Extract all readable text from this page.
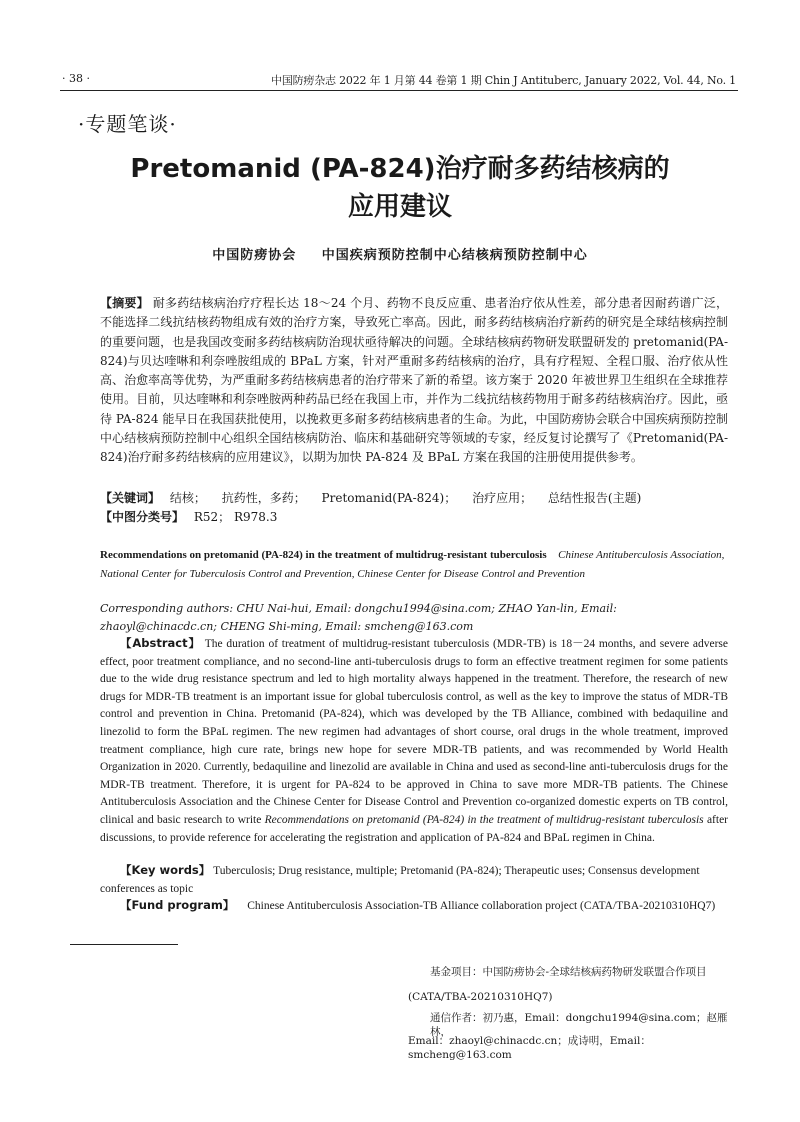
· 38 ·	中国防痨杂志 2022 年 1 月第 44 卷第 1 期 Chin J Antituberc, January 2022, Vol. 44, No. 1
·专题笔谈·
Pretomanid (PA-824)治疗耐多药结核病的
应用建议
中国防痨协会 中国疾病预防控制中心结核病预防控制中心
【摘要】 耐多药结核病治疗疗程长达 18～24 个月、药物不良反应重、患者治疗依从性差，部分患者因耐药谱广泛，不能选择二线抗结核药物组成有效的治疗方案，导致死亡率高。因此，耐多药结核病治疗新药的研究是全球结核病控制的重要问题，也是我国改变耐多药结核病防治现状亟待解决的问题。全球结核病药物研发联盟研发的 pretomanid(PA-824)与贝达喹啉和利奈唑胺组成的 BPaL 方案，针对严重耐多药结核病的治疗，具有疗程短、全程口服、治疗依从性高、治愈率高等优势，为严重耐多药结核病患者的治疗带来了新的希望。该方案于 2020 年被世界卫生组织在全球推荐使用。目前，贝达喹啉和利奈唑胺两种药品已经在我国上市，并作为二线抗结核药物用于耐多药结核病治疗。因此，亟待 PA-824 能早日在我国获批使用，以挽救更多耐多药结核病患者的生命。为此，中国防痨协会联合中国疾病预防控制中心结核病预防控制中心组织全国结核病防治、临床和基础研究等领域的专家，经反复讨论撰写了《Pretomanid(PA-824)治疗耐多药结核病的应用建议》，以期为加快 PA-824 及 BPaL 方案在我国的注册使用提供参考。
【关键词】 结核； 抗药性，多药； Pretomanid(PA-824)； 治疗应用； 总结性报告(主题)
【中图分类号】 R52； R978.3
Recommendations on pretomanid (PA-824) in the treatment of multidrug-resistant tuberculosis Chinese Antituberculosis Association, National Center for Tuberculosis Control and Prevention, Chinese Center for Disease Control and Prevention
Corresponding authors: CHU Nai-hui, Email: dongchu1994@sina.com; ZHAO Yan-lin, Email: zhaoyl@chinacdc.cn; CHENG Shi-ming, Email: smcheng@163.com
【Abstract】 The duration of treatment of multidrug-resistant tuberculosis (MDR-TB) is 18－24 months, and severe adverse effect, poor treatment compliance, and no second-line anti-tuberculosis drugs to form an effective treatment regimen for some patients due to the wide drug resistance spectrum and led to high mortality always happened in the treatment. Therefore, the research of new drugs for MDR-TB treatment is an important issue for global tuberculosis control, as well as the key to improve the status of MDR-TB control and prevention in China. Pretomanid (PA-824), which was developed by the TB Alliance, combined with bedaquiline and linezolid to form the BPaL regimen. The new regimen had advantages of short course, oral drugs in the whole treatment, improved treatment compliance, high cure rate, brings new hope for severe MDR-TB patients, and was recommended by World Health Organization in 2020. Currently, bedaquiline and linezolid are available in China and used as second-line anti-tuberculosis drugs for the MDR-TB treatment. Therefore, it is urgent for PA-824 to be approved in China to save more MDR-TB patients. The Chinese Antituberculosis Association and the Chinese Center for Disease Control and Prevention co-organized domestic experts on TB control, clinical and basic research to write Recommendations on pretomanid (PA-824) in the treatment of multidrug-resistant tuberculosis after discussions, to provide reference for accelerating the registration and application of PA-824 and BPaL regimen in China.
【Key words】 Tuberculosis; Drug resistance, multiple; Pretomanid (PA-824); Therapeutic uses; Consensus development conferences as topic
【Fund program】 Chinese Antituberculosis Association-TB Alliance collaboration project (CATA/TBA-20210310HQ7)
基金项目：中国防痨协会-全球结核病药物研发联盟合作项目
(CATA/TBA-20210310HQ7)
通信作者：初乃惠，Email：dongchu1994@sina.com；赵雁林，
Email：zhaoyl@chinacdc.cn；成诗明，Email：smcheng@163.com
